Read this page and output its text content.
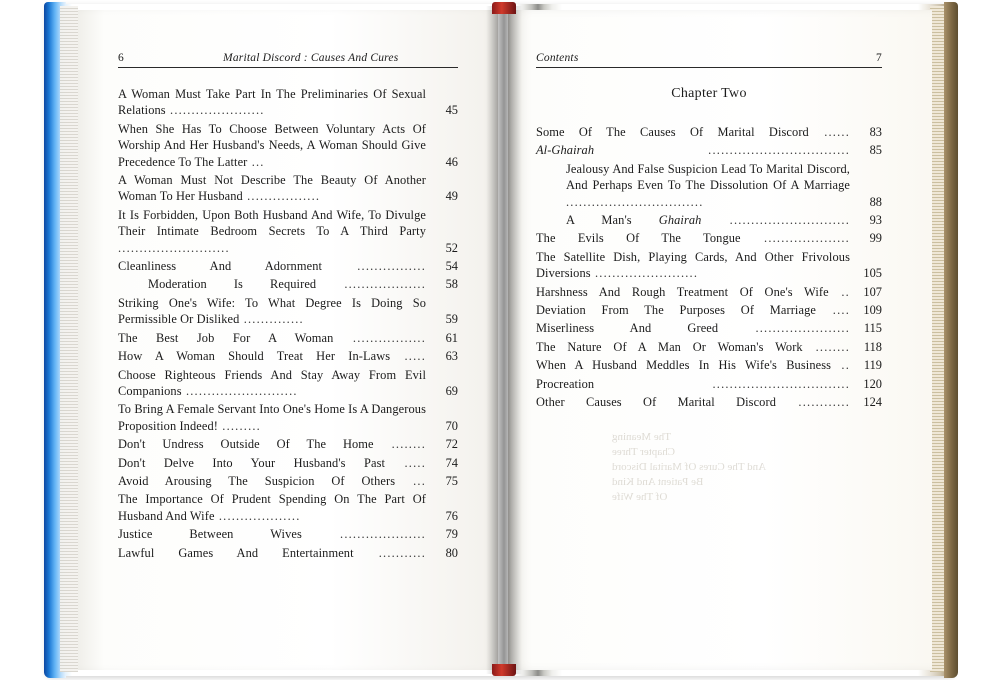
6	Marital Discord : Causes And Cures
A Woman Must Take Part In The Preliminaries Of Sexual Relations ......................	45
When She Has To Choose Between Voluntary Acts Of Worship And Her Husband's Needs, A Woman Should Give Precedence To The Latter ...	46
A Woman Must Not Describe The Beauty Of Another Woman To Her Husband .................	49
It Is Forbidden, Upon Both Husband And Wife, To Divulge Their Intimate Bedroom Secrets To A Third Party ..........................	52
Cleanliness And Adornment ................	54
Moderation Is Required ...................	58
Striking One's Wife: To What Degree Is Doing So Permissible Or Disliked ..............	59
The Best Job For A Woman .................	61
How A Woman Should Treat Her In-Laws .....	63
Choose Righteous Friends And Stay Away From Evil Companions ..........................	69
To Bring A Female Servant Into One's Home Is A Dangerous Proposition Indeed! .........	70
Don't Undress Outside Of The Home ........	72
Don't Delve Into Your Husband's Past .....	74
Avoid Arousing The Suspicion Of Others ...	75
The Importance Of Prudent Spending On The Part Of Husband And Wife ...................	76
Justice Between Wives ....................	79
Lawful Games And Entertainment ...........	80
Contents	7
Chapter Two
Some Of The Causes Of Marital Discord ......	83
Al-Ghairah .................................	85
Jealousy And False Suspicion Lead To Marital Discord, And Perhaps Even To The Dissolution Of A Marriage ................................	88
A Man's Ghairah ............................	93
The Evils Of The Tongue ....................	99
The Satellite Dish, Playing Cards, And Other Frivolous Diversions ........................	105
Harshness And Rough Treatment Of One's Wife ..	107
Deviation From The Purposes Of Marriage ....	109
Miserliness And Greed ......................	115
The Nature Of A Man Or Woman's Work ........	118
When A Husband Meddles In His Wife's Business ..	119
Procreation ................................	120
Other Causes Of Marital Discord ............	124
The Meaning
Chapter Three
And The Cures Of Marital Discord
Be Patient And Kind
Of The Wife
